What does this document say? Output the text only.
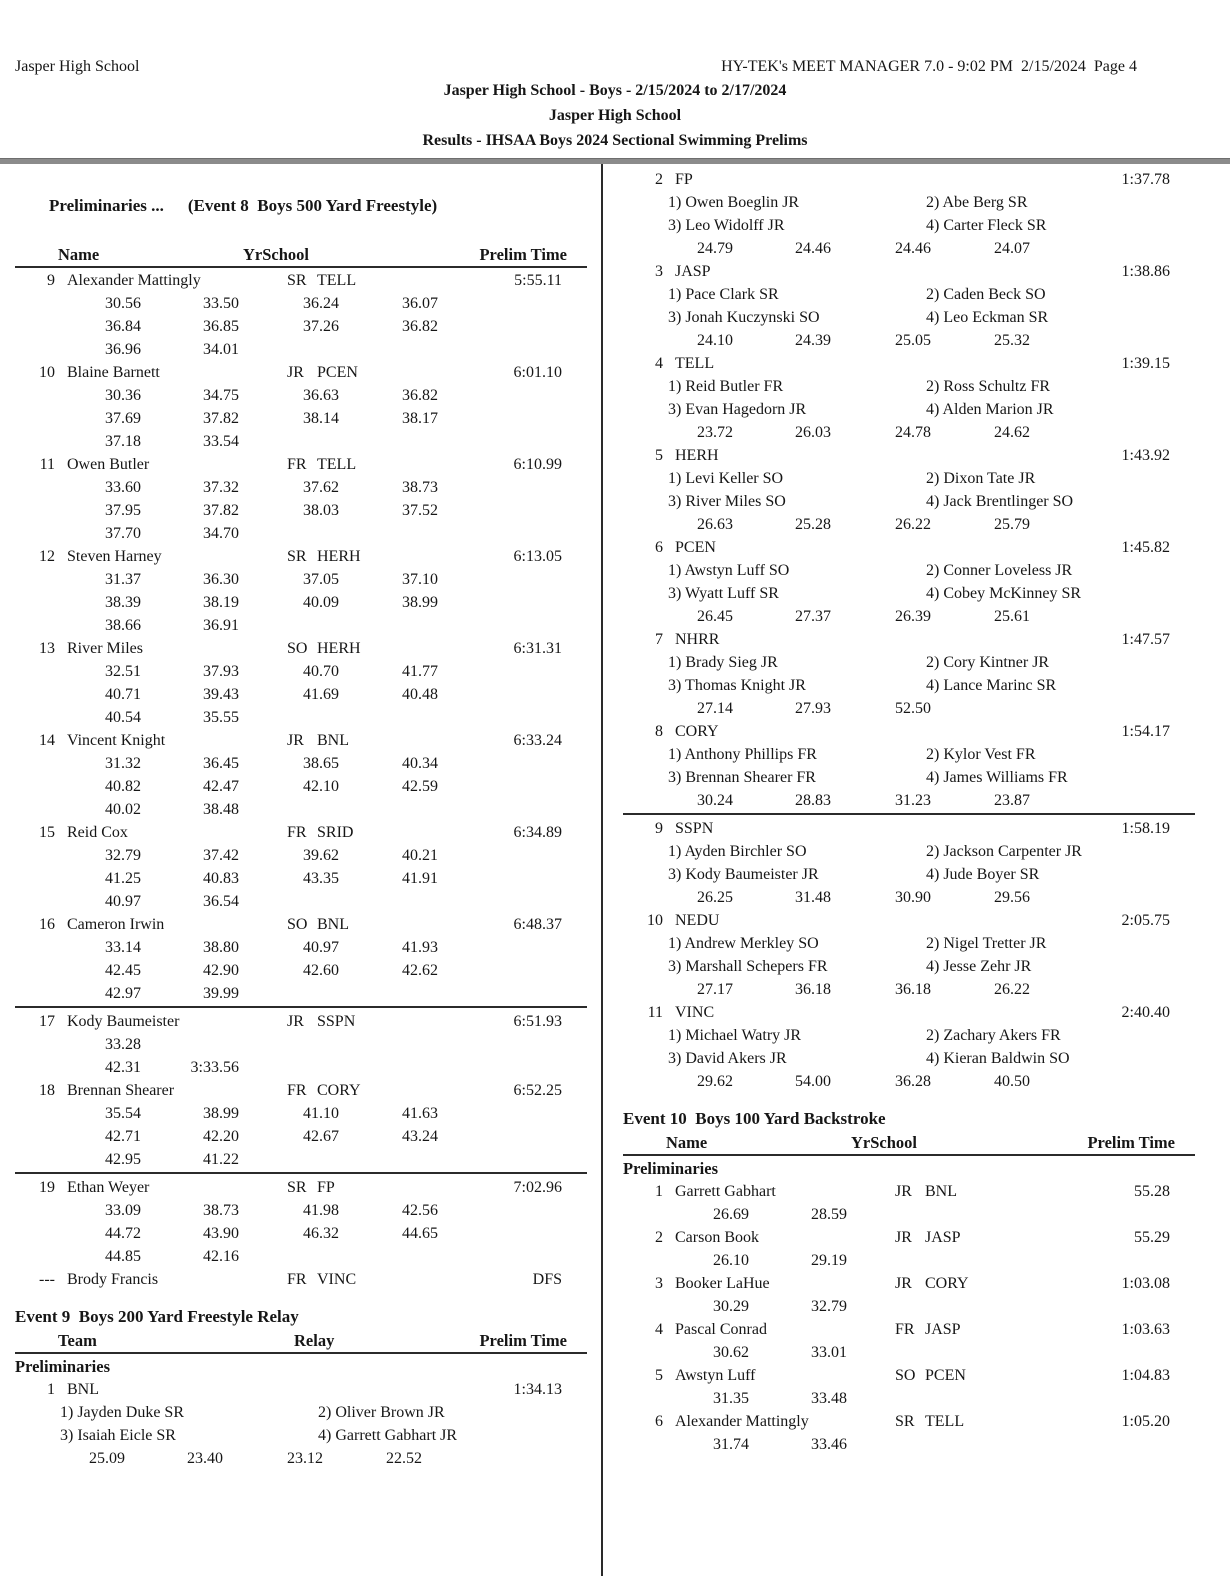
Jasper High School	HY-TEK's MEET MANAGER 7.0 - 9:02 PM  2/15/2024  Page 4
Jasper High School - Boys - 2/15/2024 to 2/17/2024
Jasper High School
Results - IHSAA Boys 2024 Sectional Swimming Prelims

Preliminaries ... (Event 8  Boys 500 Yard Freestyle)

Name	YrSchool	Prelim Time
9 Alexander Mattingly	SR TELL	5:55.11
30.56	33.50	36.24	36.07
36.84	36.85	37.26	36.82
36.96	34.01
10 Blaine Barnett	JR PCEN	6:01.10
30.36	34.75	36.63	36.82
37.69	37.82	38.14	38.17
37.18	33.54
11 Owen Butler	FR TELL	6:10.99
33.60	37.32	37.62	38.73
37.95	37.82	38.03	37.52
37.70	34.70
12 Steven Harney	SR HERH	6:13.05
31.37	36.30	37.05	37.10
38.39	38.19	40.09	38.99
38.66	36.91
13 River Miles	SO HERH	6:31.31
32.51	37.93	40.70	41.77
40.71	39.43	41.69	40.48
40.54	35.55
14 Vincent Knight	JR BNL	6:33.24
31.32	36.45	38.65	40.34
40.82	42.47	42.10	42.59
40.02	38.48
15 Reid Cox	FR SRID	6:34.89
32.79	37.42	39.62	40.21
41.25	40.83	43.35	41.91
40.97	36.54
16 Cameron Irwin	SO BNL	6:48.37
33.14	38.80	40.97	41.93
42.45	42.90	42.60	42.62
42.97	39.99
17 Kody Baumeister	JR SSPN	6:51.93
33.28
42.31	3:33.56
18 Brennan Shearer	FR CORY	6:52.25
35.54	38.99	41.10	41.63
42.71	42.20	42.67	43.24
42.95	41.22
19 Ethan Weyer	SR FP	7:02.96
33.09	38.73	41.98	42.56
44.72	43.90	46.32	44.65
44.85	42.16
--- Brody Francis	FR VINC	DFS
Event 9  Boys 200 Yard Freestyle Relay
Team	Relay	Prelim Time
Preliminaries
1 BNL	1:34.13
1) Jayden Duke SR	2) Oliver Brown JR
3) Isaiah Eicle SR	4) Garrett Gabhart JR
25.09	23.40	23.12	22.52
2 FP	1:37.78
1) Owen Boeglin JR	2) Abe Berg SR
3) Leo Widolff JR	4) Carter Fleck SR
24.79	24.46	24.46	24.07
3 JASP	1:38.86
1) Pace Clark SR	2) Caden Beck SO
3) Jonah Kuczynski SO	4) Leo Eckman SR
24.10	24.39	25.05	25.32
4 TELL	1:39.15
1) Reid Butler FR	2) Ross Schultz FR
3) Evan Hagedorn JR	4) Alden Marion JR
23.72	26.03	24.78	24.62
5 HERH	1:43.92
1) Levi Keller SO	2) Dixon Tate JR
3) River Miles SO	4) Jack Brentlinger SO
26.63	25.28	26.22	25.79
6 PCEN	1:45.82
1) Awstyn Luff SO	2) Conner Loveless JR
3) Wyatt Luff SR	4) Cobey McKinney SR
26.45	27.37	26.39	25.61
7 NHRR	1:47.57
1) Brady Sieg JR	2) Cory Kintner JR
3) Thomas Knight JR	4) Lance Marinc SR
27.14	27.93	52.50
8 CORY	1:54.17
1) Anthony Phillips FR	2) Kylor Vest FR
3) Brennan Shearer FR	4) James Williams FR
30.24	28.83	31.23	23.87
9 SSPN	1:58.19
1) Ayden Birchler SO	2) Jackson Carpenter JR
3) Kody Baumeister JR	4) Jude Boyer SR
26.25	31.48	30.90	29.56
10 NEDU	2:05.75
1) Andrew Merkley SO	2) Nigel Tretter JR
3) Marshall Schepers FR	4) Jesse Zehr JR
27.17	36.18	36.18	26.22
11 VINC	2:40.40
1) Michael Watry JR	2) Zachary Akers FR
3) David Akers JR	4) Kieran Baldwin SO
29.62	54.00	36.28	40.50
Event 10  Boys 100 Yard Backstroke
Name	YrSchool	Prelim Time
Preliminaries
1 Garrett Gabhart	JR BNL	55.28
26.69	28.59
2 Carson Book	JR JASP	55.29
26.10	29.19
3 Booker LaHue	JR CORY	1:03.08
30.29	32.79
4 Pascal Conrad	FR JASP	1:03.63
30.62	33.01
5 Awstyn Luff	SO PCEN	1:04.83
31.35	33.48
6 Alexander Mattingly	SR TELL	1:05.20
31.74	33.46
